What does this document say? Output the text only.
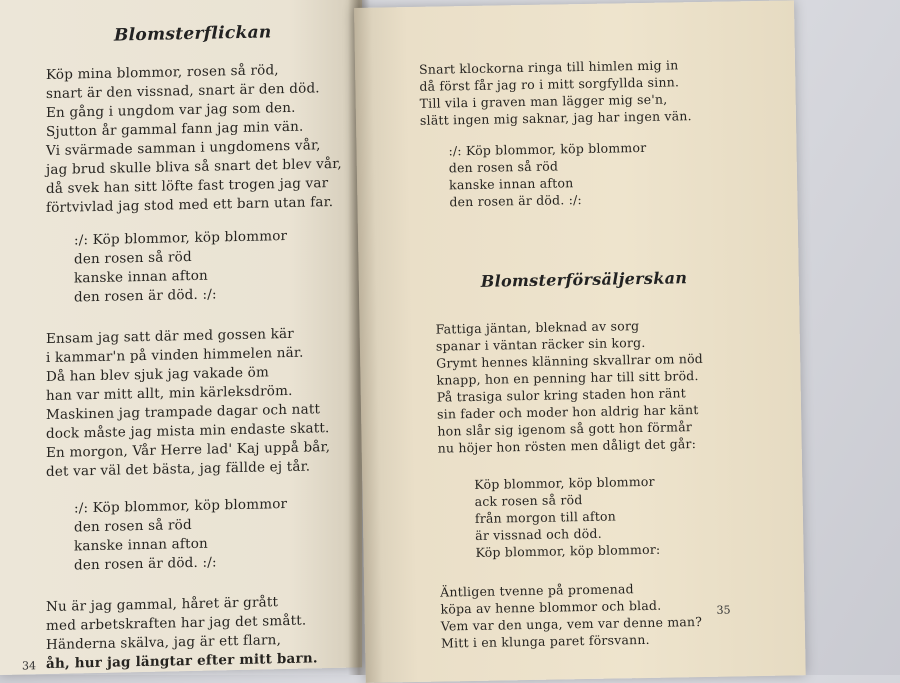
Blomsterflickan
Köp mina blommor, rosen så röd,
snart är den vissnad, snart är den död.
En gång i ungdom var jag som den.
Sjutton år gammal fann jag min vän.
Vi svärmade samman i ungdomens vår,
jag brud skulle bliva så snart det blev vår,
då svek han sitt löfte fast trogen jag var
förtvivlad jag stod med ett barn utan far.
:/: Köp blommor, köp blommor
den rosen så röd
kanske innan afton
den rosen är död. :/:
Ensam jag satt där med gossen kär
i kammar'n på vinden himmelen när.
Då han blev sjuk jag vakade öm
han var mitt allt, min kärleksdröm.
Maskinen jag trampade dagar och natt
dock måste jag mista min endaste skatt.
En morgon, Vår Herre lad' Kaj uppå bår,
det var väl det bästa, jag fällde ej tår.
:/: Köp blommor, köp blommor
den rosen så röd
kanske innan afton
den rosen är död. :/:
Nu är jag gammal, håret är grått
med arbetskraften har jag det smått.
Händerna skälva, jag är ett flarn,
åh, hur jag längtar efter mitt barn.
34
Snart klockorna ringa till himlen mig in
då först får jag ro i mitt sorgfyllda sinn.
Till vila i graven man lägger mig se'n,
slätt ingen mig saknar, jag har ingen vän.
:/: Köp blommor, köp blommor
den rosen så röd
kanske innan afton
den rosen är död. :/:
Blomsterförsäljerskan
Fattiga jäntan, bleknad av sorg
spanar i väntan räcker sin korg.
Grymt hennes klänning skvallrar om nöd
knapp, hon en penning har till sitt bröd.
På trasiga sulor kring staden hon ränt
sin fader och moder hon aldrig har känt
hon slår sig igenom så gott hon förmår
nu höjer hon rösten men dåligt det går:
Köp blommor, köp blommor
ack rosen så röd
från morgon till afton
är vissnad och död.
Köp blommor, köp blommor:
Äntligen tvenne på promenad
köpa av henne blommor och blad.
Vem var den unga, vem var denne man?
Mitt i en klunga paret försvann.
35
